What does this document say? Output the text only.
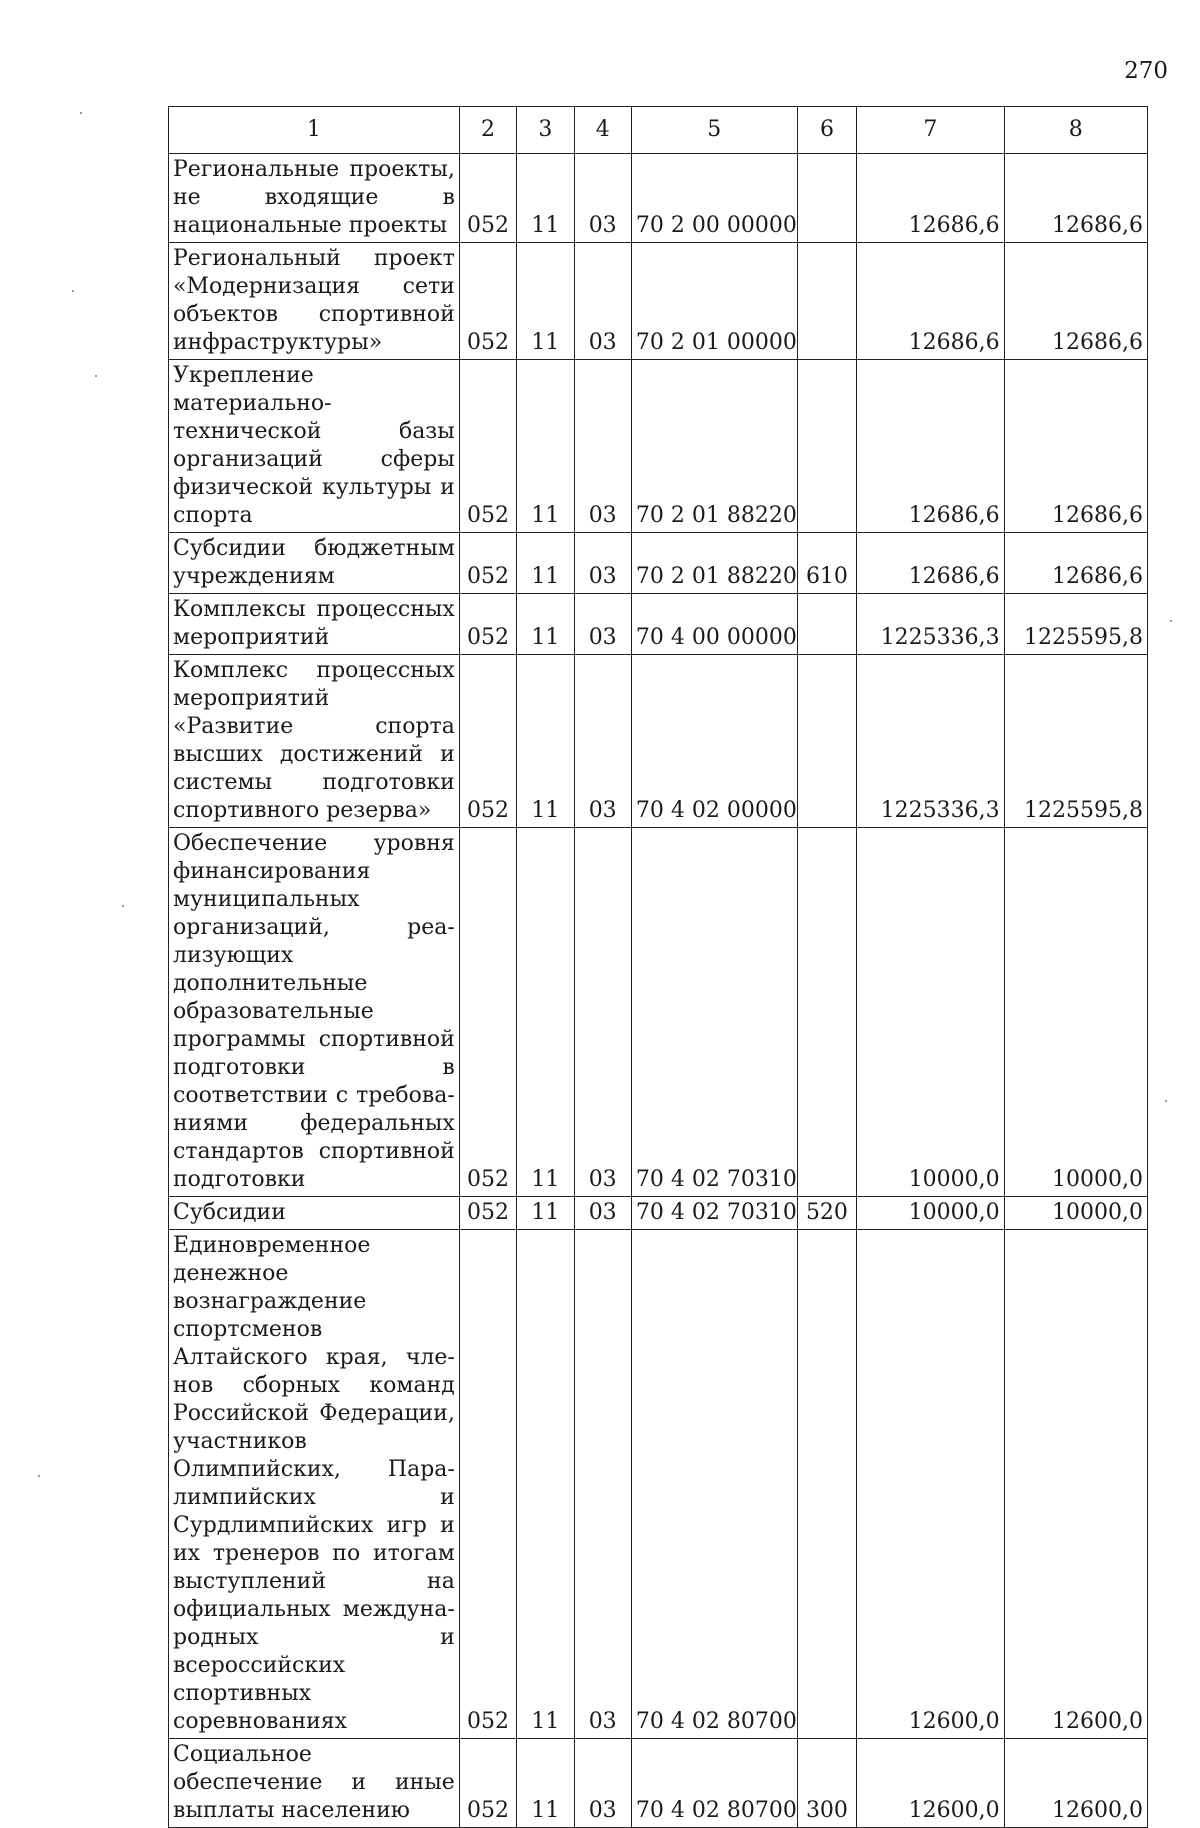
270
1	2	3	4	5	6	7	8
Региональные проекты, не входящие в национальные проекты	052	11	03	70 2 00 00000		12686,6	12686,6
Региональный проект «Модернизация сети объектов спортивной инфраструктуры»	052	11	03	70 2 01 00000		12686,6	12686,6
Укрепление материально-технической базы организаций сферы физической культуры и спорта	052	11	03	70 2 01 88220		12686,6	12686,6
Субсидии бюджетным учреждениям	052	11	03	70 2 01 88220	610	12686,6	12686,6
Комплексы процессных мероприятий	052	11	03	70 4 00 00000		1225336,3	1225595,8
Комплекс процессных мероприятий «Развитие спорта высших достижений и системы подготовки спортивного резерва»	052	11	03	70 4 02 00000		1225336,3	1225595,8
Обеспечение уровня финансирования муниципальных организаций, реализующих дополнительные образовательные программы спортивной подготовки в соответствии с требованиями федеральных стандартов спортивной подготовки	052	11	03	70 4 02 70310		10000,0	10000,0
Субсидии	052	11	03	70 4 02 70310	520	10000,0	10000,0
Единовременное денежное вознаграждение спортсменов Алтайского края, членов сборных команд Российской Федерации, участников Олимпийских, Паралимпийских и Сурдлимпийских игр и их тренеров по итогам выступлений на официальных международных и всероссийских спортивных соревнованиях	052	11	03	70 4 02 80700		12600,0	12600,0
Социальное обеспечение и иные выплаты населению	052	11	03	70 4 02 80700	300	12600,0	12600,0
